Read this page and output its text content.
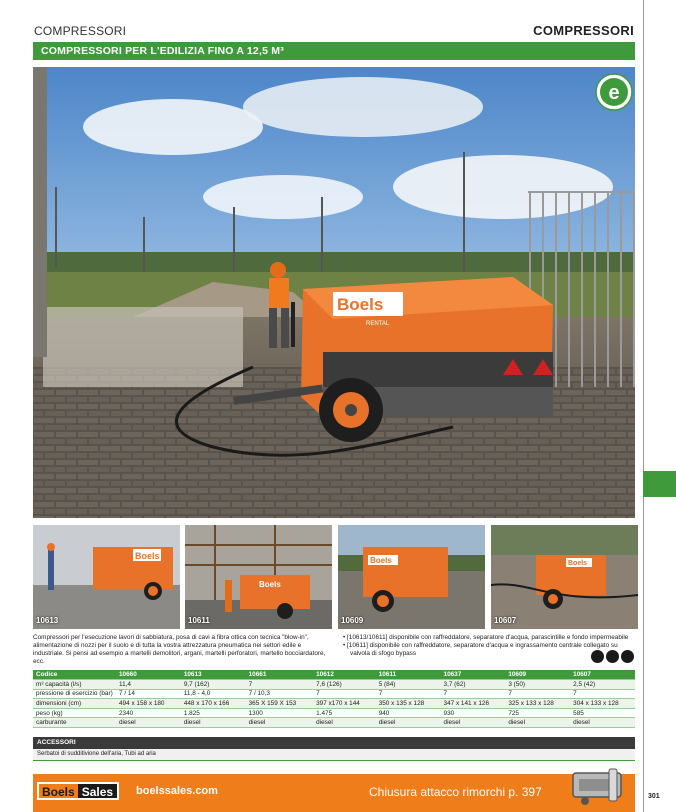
COMPRESSORI	COMPRESSORI
COMPRESSORI PER L'EDILIZIA FINO A 12,5 M³
Boels
RENTAL
e
Boels
10613
Boels
10611
Boels
10609
Boels
10607
Compressori per l'esecuzione lavori di sabbiatura, posa di cavi a fibra ottica con tecnica "blow-in", alimentazione di nozzi per il suolo e di tutta la vostra attrezzatura pneumatica nei settori edile e industriale. Si pensi ad esempio a martelli demolitori, argani, martelli perforatori, martello bocciardatore, ecc.
• [10613/10611] disponibile con raffreddatore, separatore d'acqua, parascintille e fondo impermeabile
• [10611] disponibile con raffreddatore, separatore d'acqua e ingrassamento centrale collegato su valvola di sfogo bypass
Codice	10660	10613	10661	10612	10611	10637	10609	10607
m³ capacità (l/s)	11,4	9,7 (162)	7	7,6 (126)	5 (84)	3,7 (62)	3 (50)	2,5 (42)
pressione di esercizio (bar)	7 / 14	11,8 - 4,0	7 / 10,3	7	7	7	7	7
dimensioni (cm)	494 x 158 x 180	448 x 170 x 166	365 X 159 X 153	397 x170 x 144	350 x 135 x 128	347 x 141 x 126	325 x 133 x 128	304 x 133 x 128
peso (kg)	2340	1.825	1300	1.475	940	930	725	585
carburante	diesel	diesel	diesel	diesel	diesel	diesel	diesel	diesel
ACCESSORI
Serbatoi di sudditivione dell'aria, Tubi ad aria
Boels Sales	boelssales.com	Chiusura attacco rimorchi p. 397	301
